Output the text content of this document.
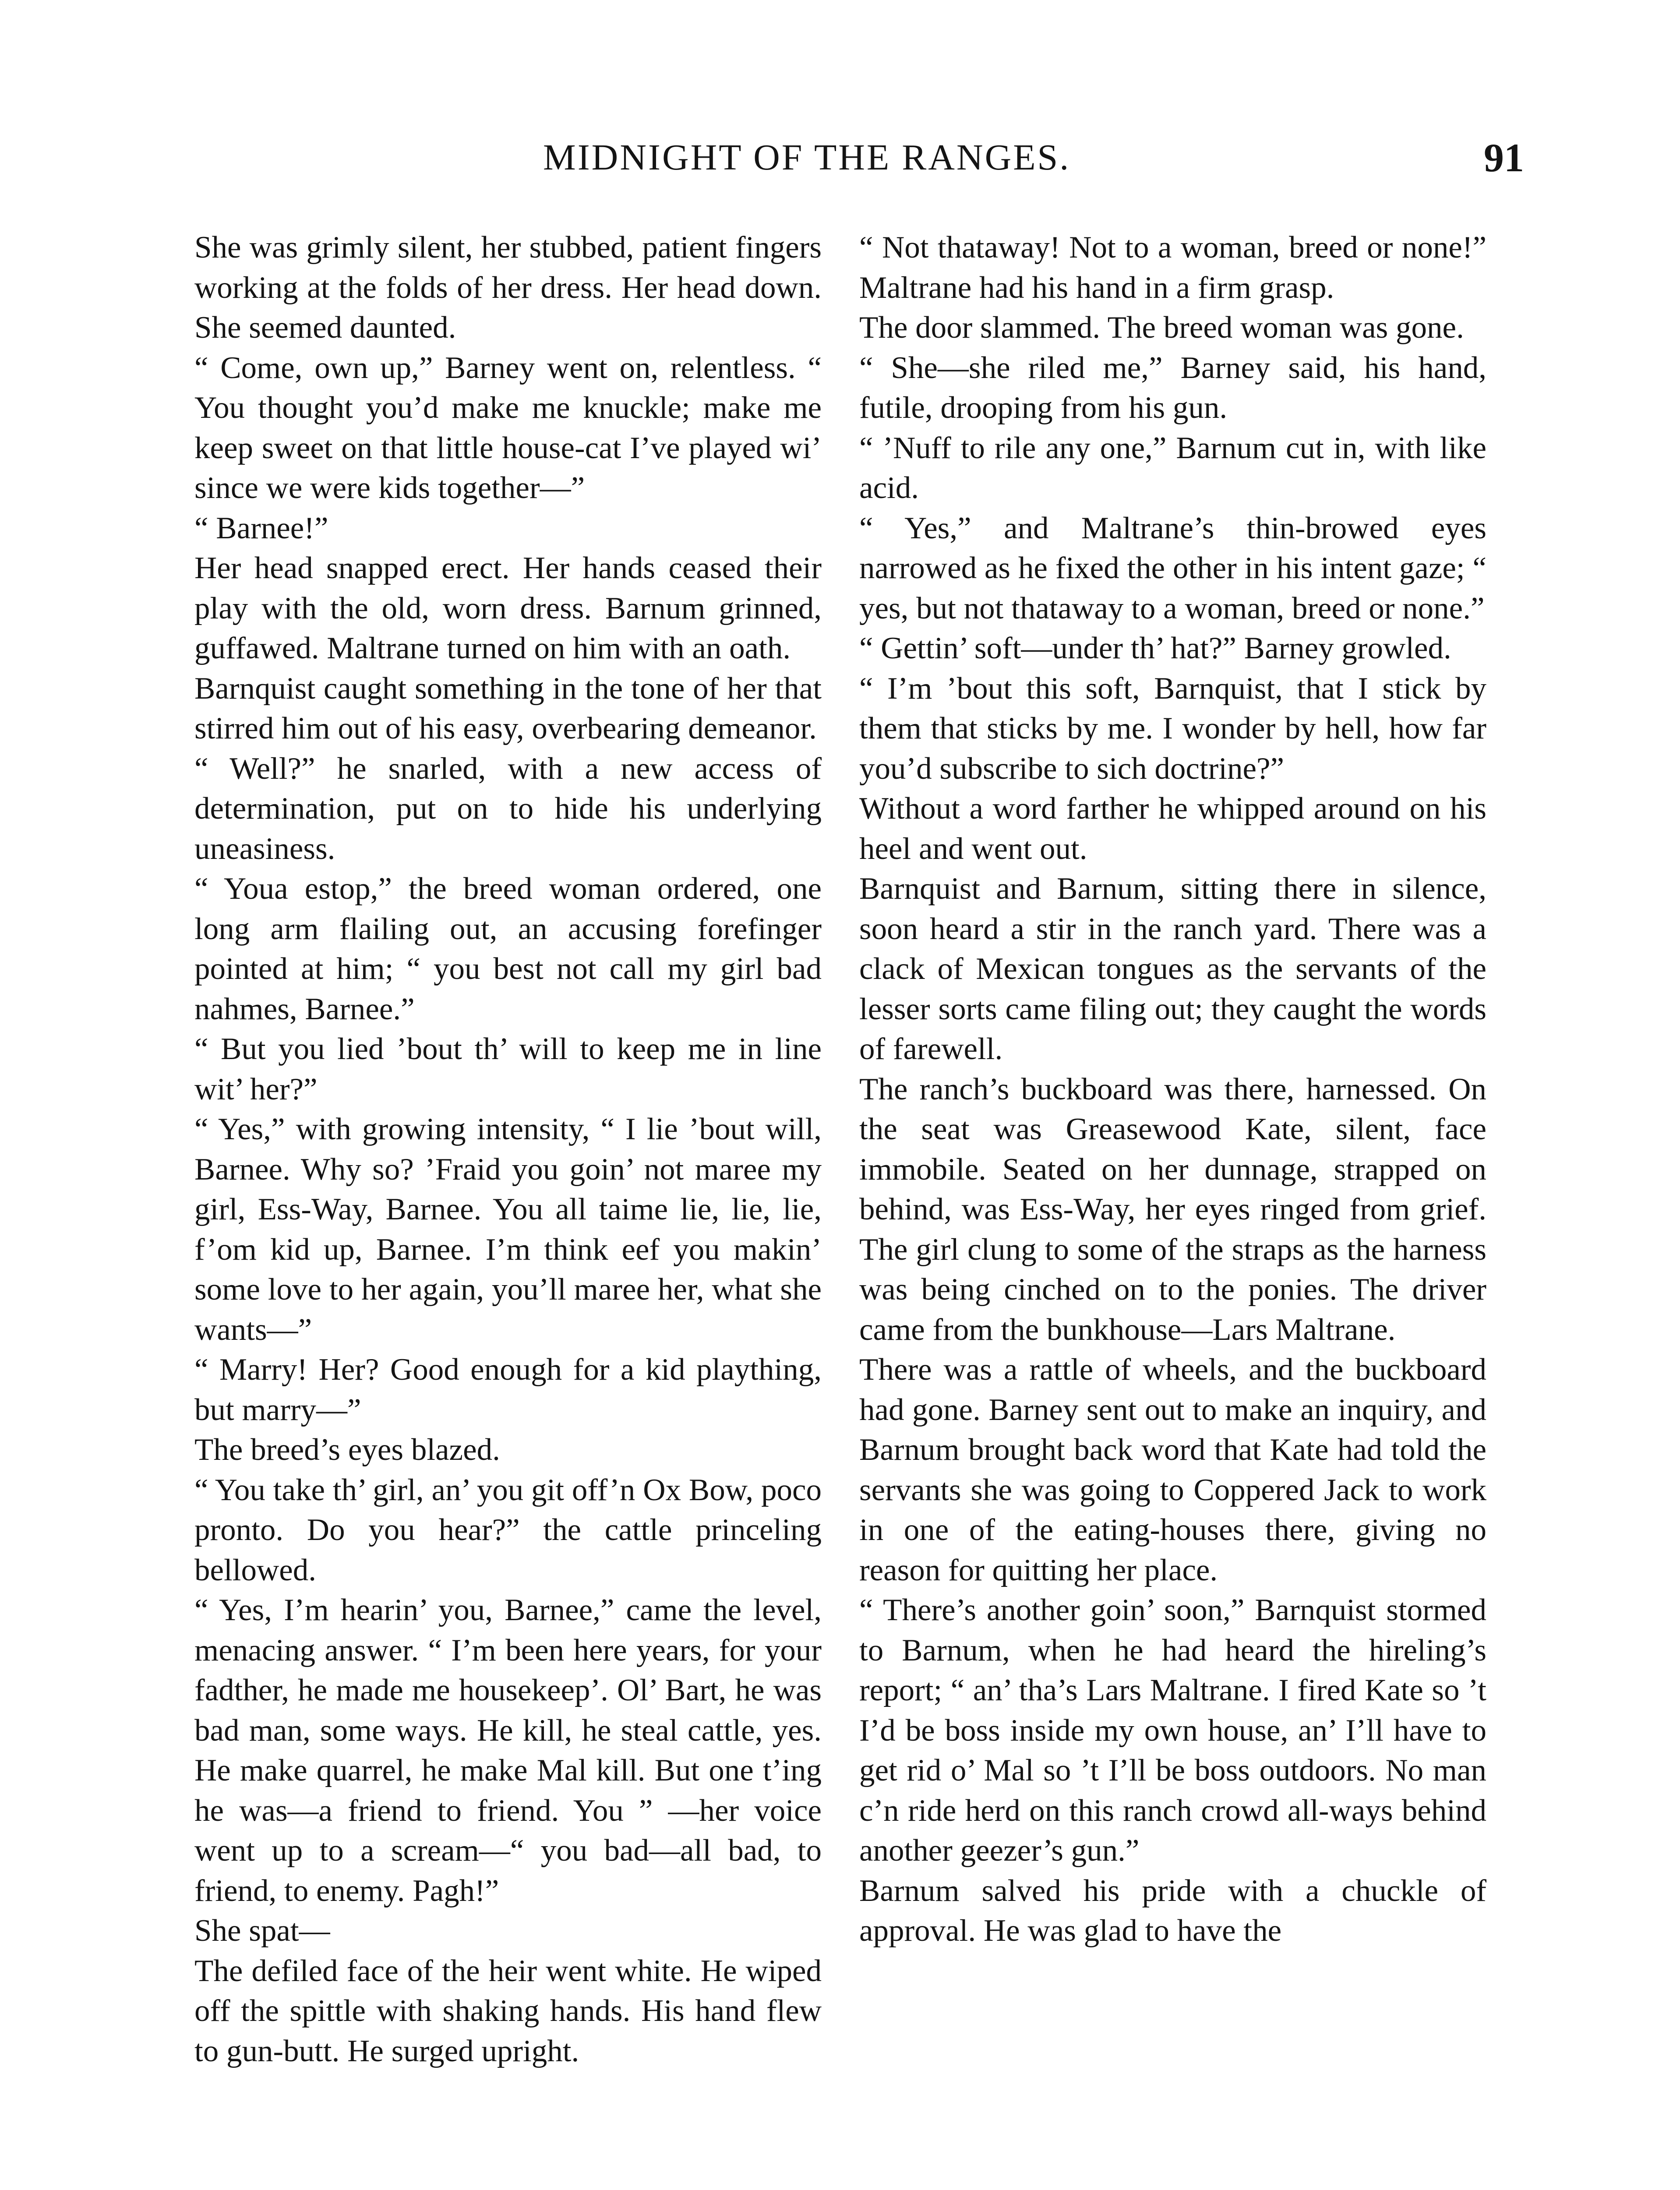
MIDNIGHT OF THE RANGES.	91

She was grimly silent, her stubbed, patient fingers working at the folds of her dress. Her head down. She seemed daunted.

“ Come, own up,” Barney went on, relentless. “ You thought you’d make me knuckle; make me keep sweet on that little house-cat I’ve played wi’ since we were kids together—”

“ Barnee!”

Her head snapped erect. Her hands ceased their play with the old, worn dress. Barnum grinned, guffawed. Maltrane turned on him with an oath.

Barnquist caught something in the tone of her that stirred him out of his easy, overbearing demeanor.

“ Well?” he snarled, with a new access of determination, put on to hide his underlying uneasiness.

“ Youa estop,” the breed woman ordered, one long arm flailing out, an accusing forefinger pointed at him; “ you best not call my girl bad nahmes, Barnee.”

“ But you lied ’bout th’ will to keep me in line wit’ her?”

“ Yes,” with growing intensity, “ I lie ’bout will, Barnee. Why so? ’Fraid you goin’ not maree my girl, Ess-Way, Barnee. You all taime lie, lie, lie, f’om kid up, Barnee. I’m think eef you makin’ some love to her again, you’ll maree her, what she wants—”

“ Marry! Her? Good enough for a kid plaything, but marry—”

The breed’s eyes blazed.

“ You take th’ girl, an’ you git off’n Ox Bow, poco pronto. Do you hear?” the cattle princeling bellowed.

“ Yes, I’m hearin’ you, Barnee,” came the level, menacing answer. “ I’m been here years, for your fadther, he made me housekeep’. Ol’ Bart, he was bad man, some ways. He kill, he steal cattle, yes. He make quarrel, he make Mal kill. But one t’ing he was—a friend to friend. You ” —her voice went up to a scream—“ you bad—all bad, to friend, to enemy. Pagh!”

She spat—

The defiled face of the heir went white. He wiped off the spittle with shaking hands. His hand flew to gun-butt. He surged upright.

“ Not thataway! Not to a woman, breed or none!” Maltrane had his hand in a firm grasp.

The door slammed. The breed woman was gone.

“ She—she riled me,” Barney said, his hand, futile, drooping from his gun.

“ ’Nuff to rile any one,” Barnum cut in, with like acid.

“ Yes,” and Maltrane’s thin-browed eyes narrowed as he fixed the other in his intent gaze; “ yes, but not thataway to a woman, breed or none.”

“ Gettin’ soft—under th’ hat?” Barney growled.

“ I’m ’bout this soft, Barnquist, that I stick by them that sticks by me. I wonder by hell, how far you’d subscribe to sich doctrine?”

Without a word farther he whipped around on his heel and went out.

Barnquist and Barnum, sitting there in silence, soon heard a stir in the ranch yard. There was a clack of Mexican tongues as the servants of the lesser sorts came filing out; they caught the words of farewell.

The ranch’s buckboard was there, harnessed. On the seat was Greasewood Kate, silent, face immobile. Seated on her dunnage, strapped on behind, was Ess-Way, her eyes ringed from grief. The girl clung to some of the straps as the harness was being cinched on to the ponies. The driver came from the bunkhouse—Lars Maltrane.

There was a rattle of wheels, and the buckboard had gone. Barney sent out to make an inquiry, and Barnum brought back word that Kate had told the servants she was going to Coppered Jack to work in one of the eating-houses there, giving no reason for quitting her place.

“ There’s another goin’ soon,” Barnquist stormed to Barnum, when he had heard the hireling’s report; “ an’ tha’s Lars Maltrane. I fired Kate so ’t I’d be boss inside my own house, an’ I’ll have to get rid o’ Mal so ’t I’ll be boss outdoors. No man c’n ride herd on this ranch crowd all-ways behind another geezer’s gun.”

Barnum salved his pride with a chuckle of approval. He was glad to have the
